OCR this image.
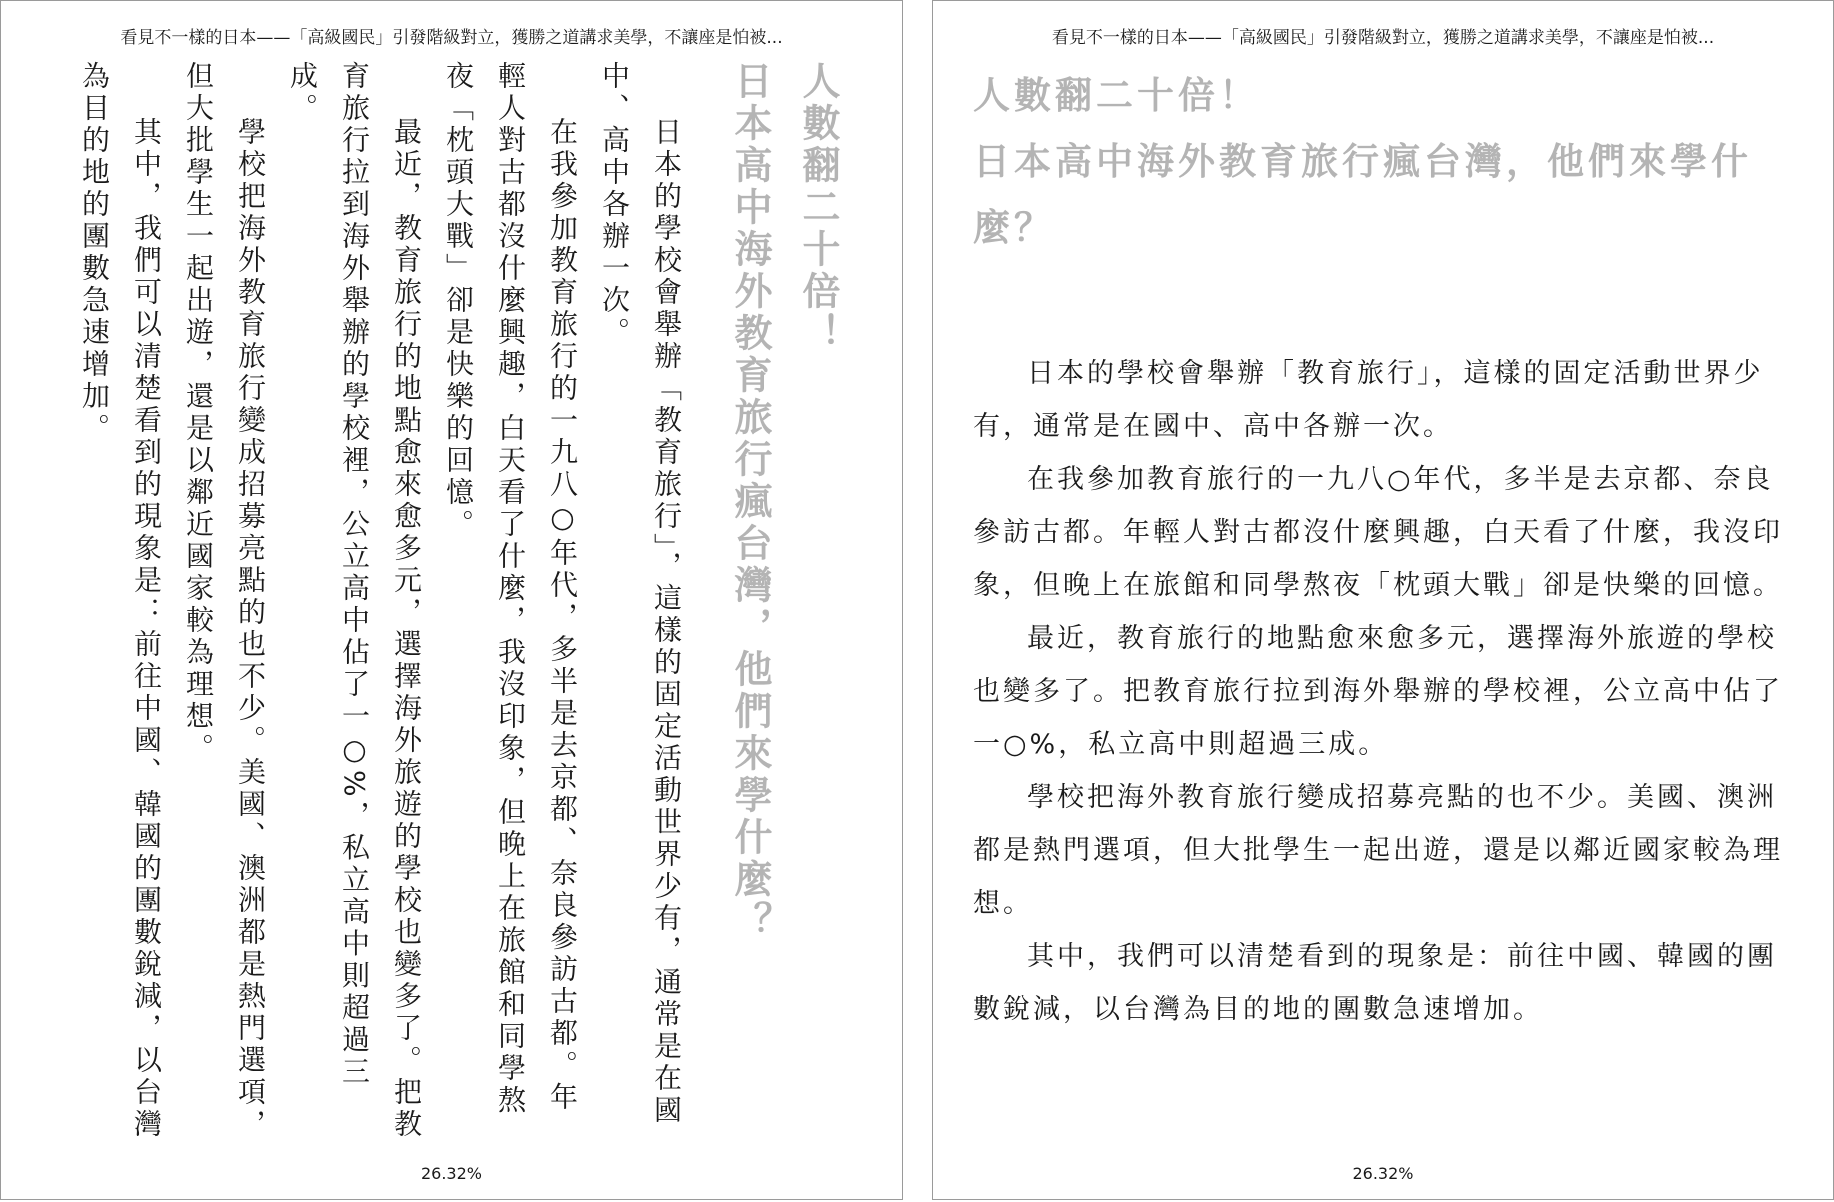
看見不一樣的日本——「高級國民」引發階級對立，獲勝之道講求美學，不讓座是怕被...
人數翻二十倍！
日本高中海外教育旅行瘋台灣，他們來學什麼？

日本的學校會舉辦「教育旅行」，這樣的固定活動世界少有，通常是在國中、高中各辦一次。

在我參加教育旅行的一九八○年代，多半是去京都、奈良參訪古都。年輕人對古都沒什麼興趣，白天看了什麼，我沒印象，但晚上在旅館和同學熬夜「枕頭大戰」卻是快樂的回憶。

最近，教育旅行的地點愈來愈多元，選擇海外旅遊的學校也變多了。把教育旅行拉到海外舉辦的學校裡，公立高中佔了一○%，私立高中則超過三成。

學校把海外教育旅行變成招募亮點的也不少。美國、澳洲都是熱門選項，但大批學生一起出遊，還是以鄰近國家較為理想。

其中，我們可以清楚看到的現象是：前往中國、韓國的團數銳減，以台灣為目的地的團數急速增加。

26.32%
看見不一樣的日本——「高級國民」引發階級對立，獲勝之道講求美學，不讓座是怕被...
人數翻二十倍！
日本高中海外教育旅行瘋台灣，他們來學什麼？

日本的學校會舉辦「教育旅行」，這樣的固定活動世界少有，通常是在國中、高中各辦一次。

在我參加教育旅行的一九八○年代，多半是去京都、奈良參訪古都。年輕人對古都沒什麼興趣，白天看了什麼，我沒印象，但晚上在旅館和同學熬夜「枕頭大戰」卻是快樂的回憶。

最近，教育旅行的地點愈來愈多元，選擇海外旅遊的學校也變多了。把教育旅行拉到海外舉辦的學校裡，公立高中佔了一○%，私立高中則超過三成。

學校把海外教育旅行變成招募亮點的也不少。美國、澳洲都是熱門選項，但大批學生一起出遊，還是以鄰近國家較為理想。

其中，我們可以清楚看到的現象是：前往中國、韓國的團數銳減，以台灣為目的地的團數急速增加。

26.32%
